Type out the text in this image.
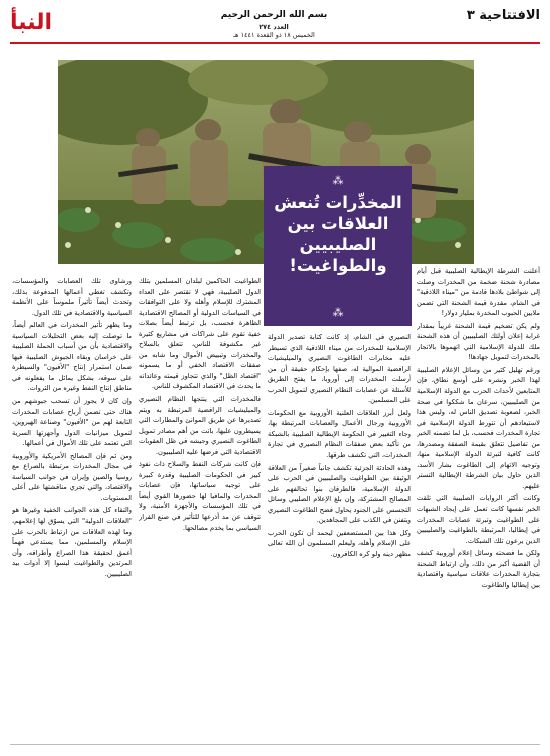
النبأ	بسم الله الرحمن الرحيم
العدد ٢٧٤
الخميس ١٨ ذو القعدة ١٤٤١ هـ
الافتتاحية ٣
⁂
المخدِّرات تُنعش العلاقات بين الصليبيين والطواغيت!
⁂

أعلنت الشرطة الإيطالية الصليبية قبل أيام مصادرة شحنة ضخمة من المخدرات وصلت إلى شواطئ بلادها قادمة من "ميناء اللاذقية" في الشام، مقدرة قيمة الشحنة التي تضمن ملايين الحبوب المخدرة بمليار دولار!

ولم يكن تضخيم قيمة الشحنة غريباً بمقدار غرابة إعلان أولئك الصليبيين أن هذه الشحنة ملك للدولة الإسلامية التي اتهموها بالاتجار بالمخدرات لتمويل جهادها!

ورغم تهليل كثير من وسائل الإعلام الصليبية لهذا الخبر ونشره على أوسع نطاق، فإن المتابعين لأحداث الحرب مع الدولة الإسلامية من الصليبيين، سرعان ما شككوا في صحة الخبر، لصعوبة تصديق الناس له، وليس هذا لاستيعادهم أن تتورط الدولة الإسلامية في تجارة المخدرات فحسب، بل لما تضمنه الخبر من تفاصيل تتعلق بقيمة الصفقة ومصدرها، كانت كافية لتبرئة الدولة الإسلامية منها، وتوجيه الاتهام إلى الطاغوت بشار الأسد، الذين حاول بيان الشرطة الإيطالية التستر عليهم.

وكانت أكثر الروايات الصليبية التي تلقت الخبر نفسها كانت تعمل على إيجاد الشبهات على الطواغيت وتبرئة عصابات المخدرات في إيطاليا، المرتبطة بالطواغيت والصليبيين الذين يرعون تلك الشبكات.

ولكن ما فضحته وسائل إعلام أوروبية كشف أن القضية أكبر من ذلك، وأن ارتباط الشحنة بتجارة المخدرات علاقات سياسية واقتصادية بين إيطاليا والطاغوت

النصيري في الشام، إذ كانت كتابة تصدير الدولة الإسلامية للمخدرات من ميناء اللاذقية الذي تسيطر عليه مخابرات الطاغوت النصيري والميليشيات الرافضية الموالية له، صفها بإحكام حقيقة أن من أرسلت المخدرات إلى أوروبا، ما يفتح الطريق للأسئلة عن عصابات النظام النصيري لتمويل الحرب على المسلمين.

ولعل أبرز العلاقات العلنية الأوروبية مع الحكومات الأوروبية ورجال الأعمال والعصابات المرتبطة بها، وجاء التغيير في الحكومة الإيطالية الصليبية بالشبكة من تأكيد بعض صفقات النظام النصيري في تجارة المخدرات، التي تكشف طرقها.

وهذه الحادثة الجزئية تكشف جانباً صغيراً من العلاقة الوثيقة بين الطواغيت والصليبيين في الحرب على الدولة الإسلامية، فالطرفان بنوا تحالفهم على المصالح المشتركة، وإن بلغ الإعلام الصليبي وسائل التجسس على الجنود يحاول فضح الطاغوت النصيري ويتفنن في الكذب على المجاهدين.

وكل هذا بين المستضعفين ليحمد أن تكون الحرب على الإسلام وأهله، وليعلم المسلمون أن الله تعالى مظهر دينه ولو كره الكافرون.

الطواغيت الحاكمين لبلدان المسلمين بتلك الدول الصليبية، فهي لا تقتصر على العداء المشترك للإسلام وأهله ولا على التوافقات في السياسات الدولية أو المصالح الاقتصادية الظاهرة فحسب، بل ترتبط أيضاً بصلات خفية تقوم على شراكات في مشاريع كثيرة غير مكشوفة للناس، تتعلق بالسلاح والمخدرات وتبييض الأموال وما شابه من صفقات الاقتصاد الخفي أو ما يسمونه "اقتصاد الظل" والذي تتجاوز قيمته وعائداته ما يحدث في الاقتصاد المكشوف للناس.

فالمخدرات التي ينتجها النظام النصيري والميليشيات الرافضية المرتبطة به ويتم تصديرها عن طريق الموانئ والمطارات التي يسيطرون عليها، باتت من أهم مصادر تمويل الطاغوت النصيري وجيشه في ظل العقوبات الاقتصادية التي فرضها عليه الصليبيون.

فإن كانت شركات النفط والسلاح ذات نفوذ كبير في الحكومات الصليبية وقدرة كبيرة على توجيه سياساتها، فإن عصابات المخدرات والمافيا لها حضورها القوي أيضاً في تلك المؤسسات والأجهزة الأمنية، ولا تتوقف عن مد أذرعها للتأثير في صنع القرار السياسي بما يخدم مصالحها.

ورشاوى تلك العصابات والمؤسسات، وتكشف تغطي أعمالها المدفوعة بذلك، وتحدث أيضاً تأثيراً ملموساً على الأنظمة السياسية والاقتصادية في تلك الدول.

وما يظهر تأثير المخدرات في العالم أيضاً، ما توصلت إليه بعض التحليلات السياسية والاقتصادية بأن من أسباب الحملة الصليبية على خراسان وبقاء الجيوش الصليبية فيها ضمان استمرار إنتاج "الأفيون" والسيطرة على سوقه، بشكل يماثل ما يفعلونه في مناطق إنتاج النفط وغيره من الثروات.

وإن كان لا يجوز أن تسحب جيوشهم من هناك حتى تضمن أرباح عصابات المخدرات التابعة لهم من "الأفيون" وصناعة الهيروين، لتمويل ميزانيات الدول وأجهزتها السرية التي تعتمد على تلك الأموال في أعمالها.

ومن ثم فإن المصالح الأمريكية والأوروبية في مجال المخدرات مرتبطة بالصراع مع روسيا والصين وإيران في جوانب السياسة والاقتصاد، والتي تجري مناقشتها على أعلى المستويات.

والتقاء كل هذه الجوانب الخفية وغيرها هو "العلاقات الدولية" التي يسوّق لها إعلامهم، وما لهذه العلاقات من ارتباط بالحرب على الإسلام والمسلمين، مما يستدعي فهماً أعمق لحقيقة هذا الصراع وأطرافه، وأن المرتدين والطواغيت ليسوا إلا أدوات بيد الصليبيين.
